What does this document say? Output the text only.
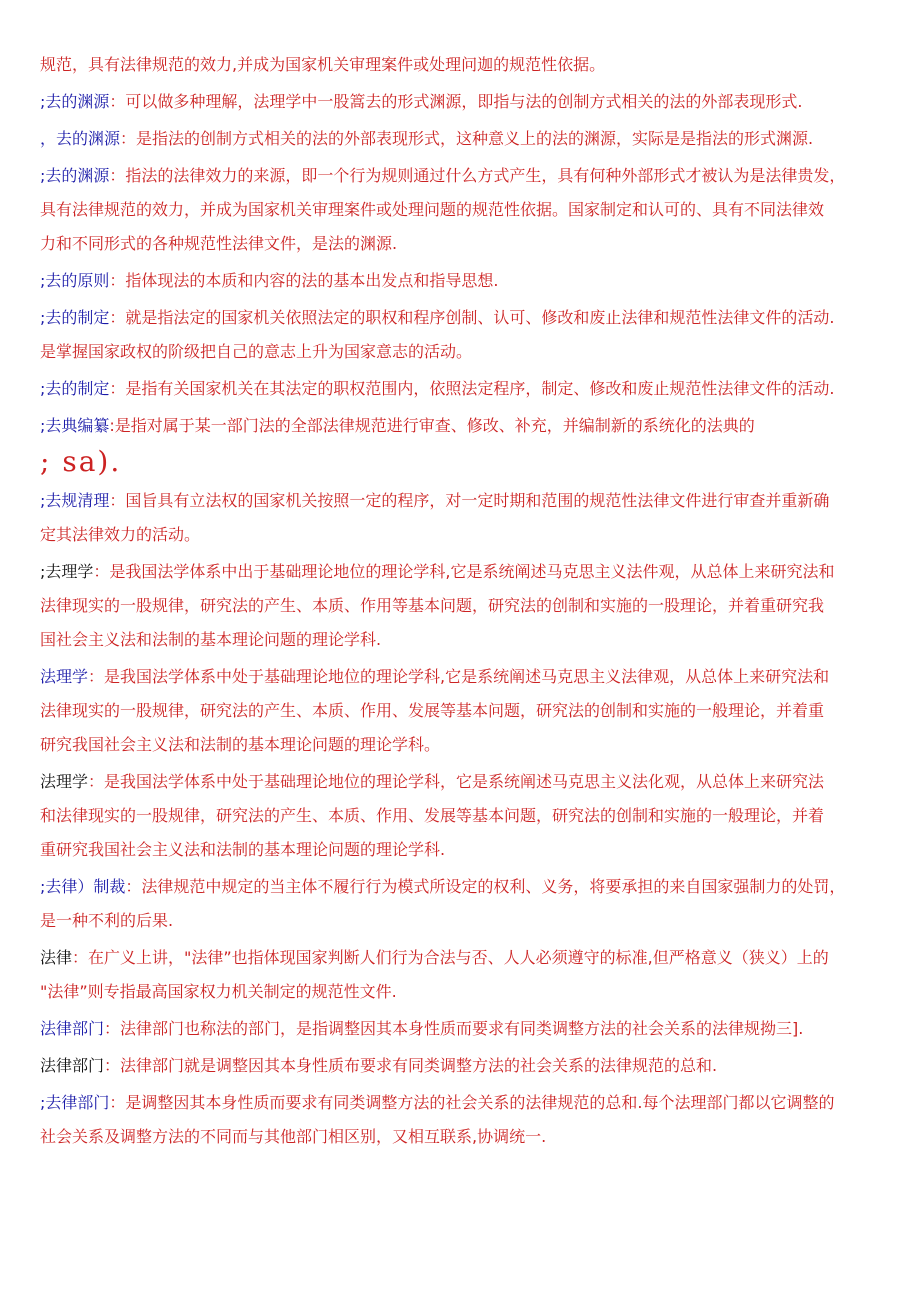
规范，具有法律规范的效力,并成为国家机关审理案件或处理问迦的规范性依据。
;去的渊源：可以做多种理解，法理学中一股篙去的形式渊源，即指与法的创制方式相关的法的外部表现形式.
，去的渊源：是指法的创制方式相关的法的外部表现形式，这种意义上的法的渊源，实际是是指法的形式渊源.
;去的渊源：指法的法律效力的来源，即一个行为规则通过什么方式产生，具有何种外部形式才被认为是法律贵发，
具有法律规范的效力，并成为国家机关审理案件或处理问题的规范性依据。国家制定和认可的、具有不同法律效
力和不同形式的各种规范性法律文件，是法的渊源.
;去的原则：指体现法的本质和内容的法的基本出发点和指导思想.
;去的制定：就是指法定的国家机关依照法定的职权和程序创制、认可、修改和废止法律和规范性法律文件的活动.
是掌握国家政权的阶级把自己的意志上升为国家意志的活动。
;去的制定：是指有关国家机关在其法定的职权范围内，依照法定程序，制定、修改和废止规范性法律文件的活动.
;去典编纂:是指对属于某一部门法的全部法律规范进行审查、修改、补充，并编制新的系统化的法典的
; sa).
;去规清理：国旨具有立法权的国家机关按照一定的程序，对一定时期和范围的规范性法律文件进行审查并重新确
定其法律效力的活动。
;去理学：是我国法学体系中出于基础理论地位的理论学科,它是系统阐述马克思主义法件观，从总体上来研究法和
法律现实的一股规律，研究法的产生、本质、作用等基本问题，研究法的创制和实施的一股理论，并着重研究我
国社会主义法和法制的基本理论问题的理论学科.
法理学：是我国法学体系中处于基础理论地位的理论学科,它是系统阐述马克思主义法律观，从总体上来研究法和
法律现实的一股规律，研究法的产生、本质、作用、发展等基本问题，研究法的创制和实施的一般理论，并着重
研究我国社会主义法和法制的基本理论问题的理论学科。
法理学：是我国法学体系中处于基础理论地位的理论学科，它是系统阐述马克思主义法化观，从总体上来研究法
和法律现实的一股规律，研究法的产生、本质、作用、发展等基本问题，研究法的创制和实施的一般理论，并着
重研究我国社会主义法和法制的基本理论问题的理论学科.
;去律）制裁：法律规范中规定的当主体不履行行为模式所设定的权利、义务，将要承担的来自国家强制力的处罚，
是一种不利的后果.
法律：在广义上讲，"法律”也指体现国家判断人们行为合法与否、人人必须遵守的标准,但严格意义（狭义）上的
"法律”则专指最高国家权力机关制定的规范性文件.
法律部门：法律部门也称法的部门，是指调整因其本身性质而要求有同类调整方法的社会关系的法律规拗三].
法律部门：法律部门就是调整因其本身性质布要求有同类调整方法的社会关系的法律规范的总和.
;去律部门：是调整因其本身性质而要求有同类调整方法的社会关系的法律规范的总和.每个法理部门都以它调整的
社会关系及调整方法的不同而与其他部门相区别，又相互联系,协调统一.
